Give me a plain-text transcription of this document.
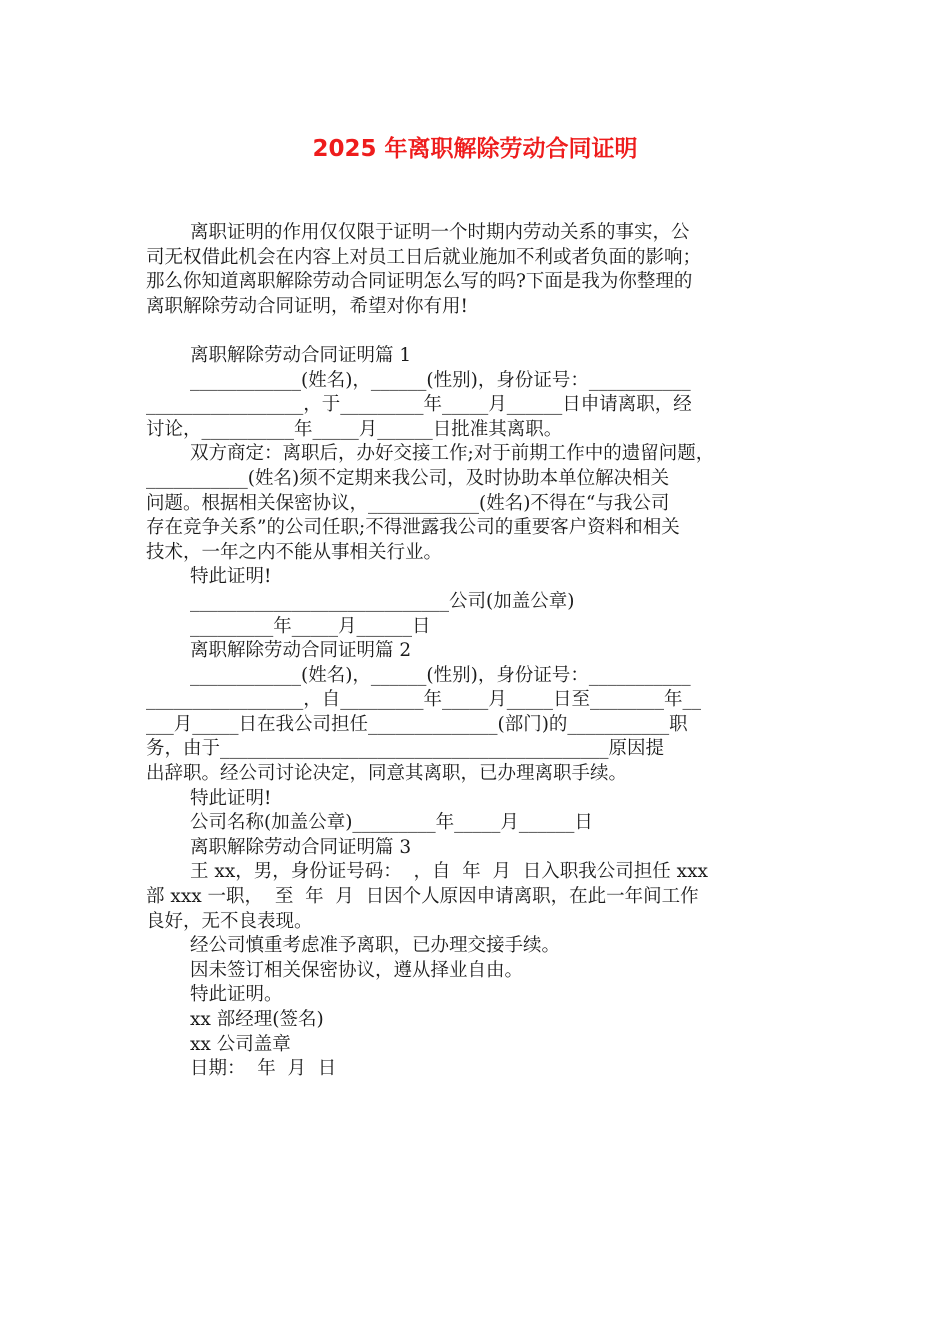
2025 年离职解除劳动合同证明

离职证明的作用仅仅限于证明一个时期内劳动关系的事实，公

司无权借此机会在内容上对员工日后就业施加不利或者负面的影响；

那么你知道离职解除劳动合同证明怎么写的吗?下面是我为你整理的

离职解除劳动合同证明，希望对你有用!

离职解除劳动合同证明篇 1

____________(姓名)，______(性别)，身份证号：___________

_________________，于_________年_____月______日申请离职，经

讨论，__________年_____月______日批准其离职。

双方商定：离职后，办好交接工作;对于前期工作中的遗留问题，

___________(姓名)须不定期来我公司，及时协助本单位解决相关

问题。根据相关保密协议，____________(姓名)不得在“与我公司

存在竞争关系”的公司任职;不得泄露我公司的重要客户资料和相关

技术，一年之内不能从事相关行业。

特此证明!

____________________________公司(加盖公章)

_________年_____月______日

离职解除劳动合同证明篇 2

____________(姓名)，______(性别)，身份证号：___________

_________________，自_________年_____月_____日至________年__

___月_____日在我公司担任______________(部门)的___________职

务，由于__________________________________________原因提

出辞职。经公司讨论决定，同意其离职，已办理离职手续。

特此证明!

公司名称(加盖公章)_________年_____月______日

离职解除劳动合同证明篇 3

王 xx，男，身份证号码：  ，自  年  月  日入职我公司担任 xxx

部 xxx 一职，  至  年  月  日因个人原因申请离职，在此一年间工作

良好，无不良表现。

经公司慎重考虑准予离职，已办理交接手续。

因未签订相关保密协议，遵从择业自由。

特此证明。

xx 部经理(签名)

xx 公司盖章

日期：  年  月  日
